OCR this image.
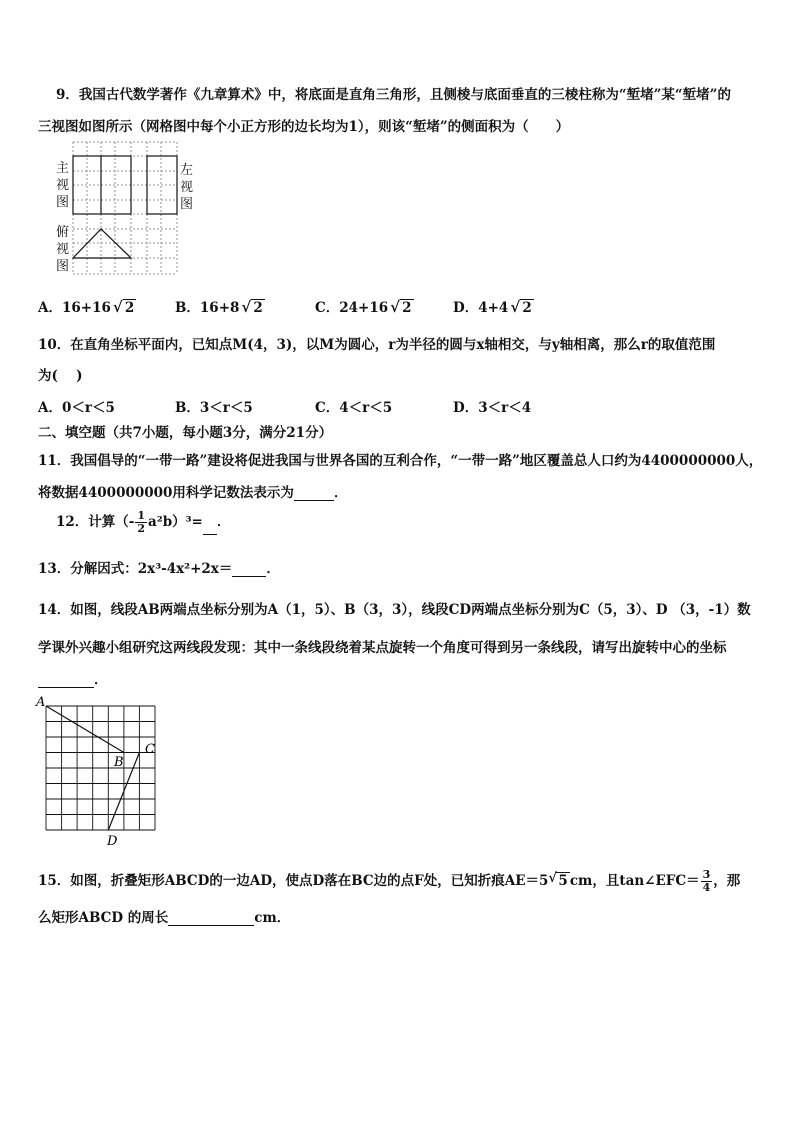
9．我国古代数学著作《九章算术》中，将底面是直角三角形，且侧棱与底面垂直的三棱柱称为“堑堵”某“堑堵”的
三视图如图所示（网格图中每个小正方形的边长均为1），则该“堑堵”的侧面积为（　　）
主视图
左视图
俯视图
A．16+16 √ 2	B．16+8 √ 2	C．24+16 √ 2	D．4+4 √ 2
10．在直角坐标平面内，已知点M(4，3)，以M为圆心，r为半径的圆与x轴相交，与y轴相离，那么r的取值范围
为(　 )
A．0＜r＜5	B．3＜r＜5	C．4＜r＜5	D．3＜r＜4
二、填空题（共7小题，每小题3分，满分21分）
11．我国倡导的“一带一路”建设将促进我国与世界各国的互利合作，“一带一路”地区覆盖总人口约为4400000000人，
将数据4400000000用科学记数法表示为	．
12．计算（- $\frac{1}{2} a^2b)^3=$ ．
13．分解因式：2x³-4x²+2x＝	．
14．如图，线段AB两端点坐标分别为A（1，5）、B（3，3），线段CD两端点坐标分别为C（5，3）、D （3，-1）数
学课外兴趣小组研究这两线段发现：其中一条线段绕着某点旋转一个角度可得到另一条线段，请写出旋转中心的坐标
．
A
B
C
D
15．如图，折叠矩形ABCD的一边AD，使点D落在BC边的点F处，已知折痕AE＝5 √ 5 cm，且tan∠EFC＝ $\frac{3}{4}$ ，那
么矩形ABCD 的周长	cm．
